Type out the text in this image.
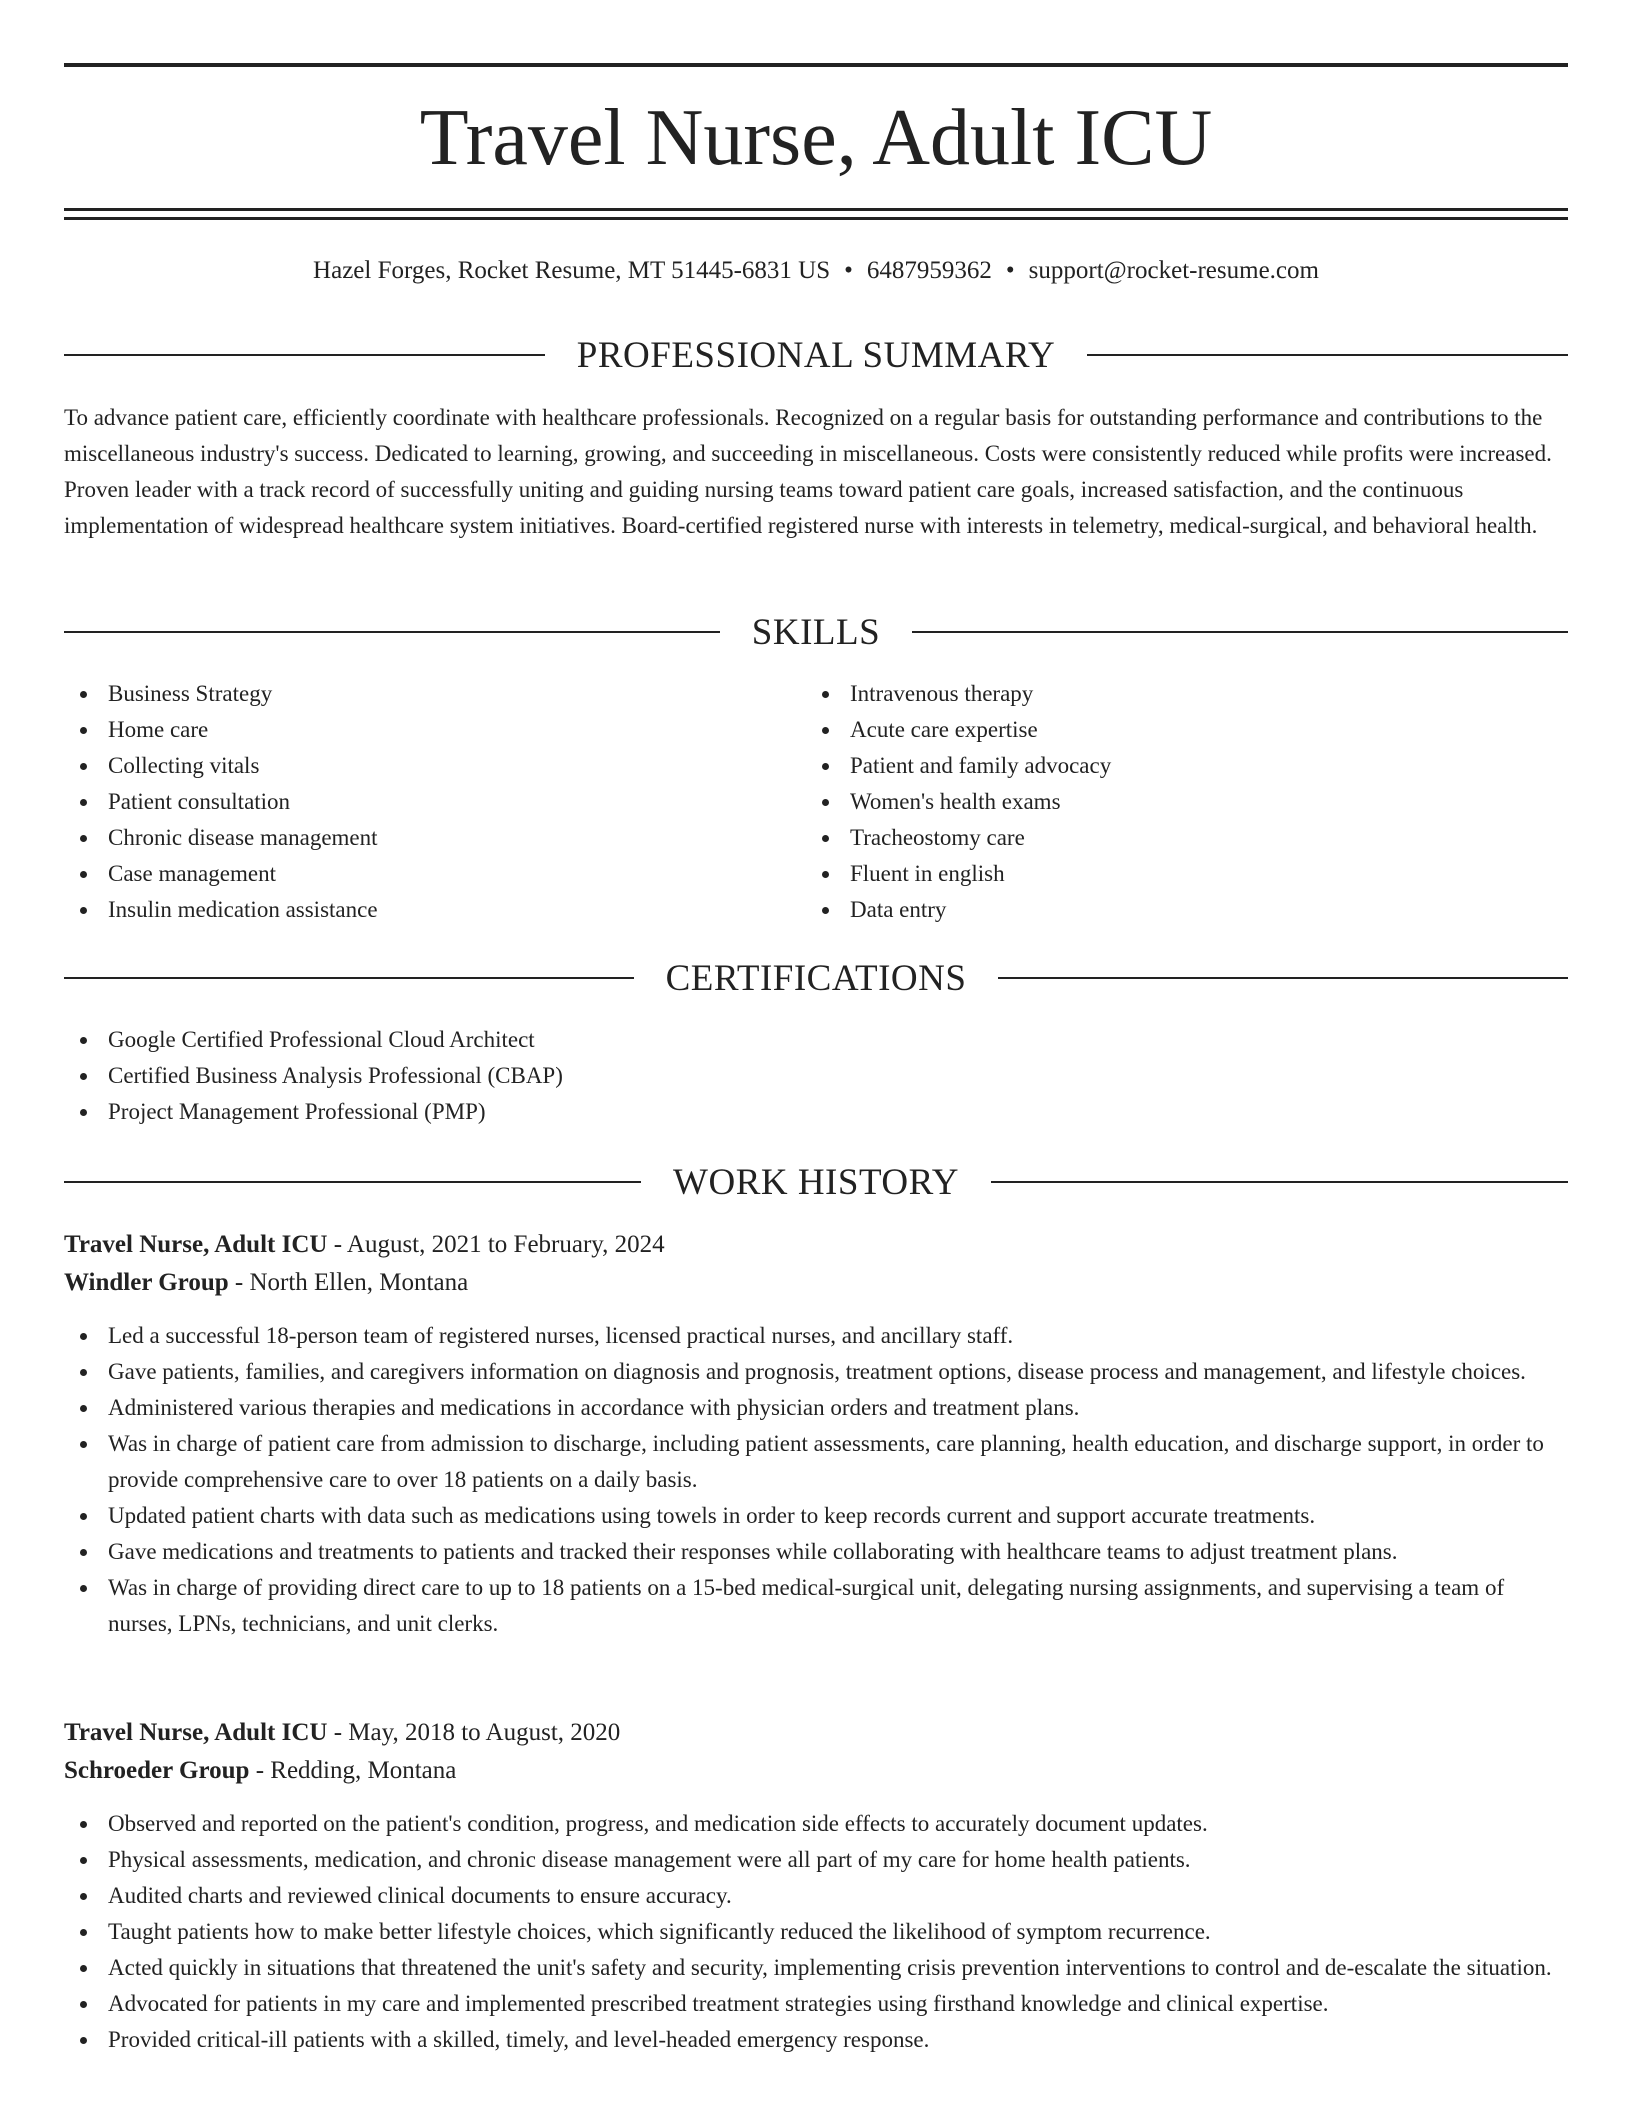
Travel Nurse, Adult ICU
Hazel Forges, Rocket Resume, MT 51445-6831 US • 6487959362 • support@rocket-resume.com
PROFESSIONAL SUMMARY

To advance patient care, efficiently coordinate with healthcare professionals. Recognized on a regular basis for outstanding performance and contributions to the miscellaneous industry's success. Dedicated to learning, growing, and succeeding in miscellaneous. Costs were consistently reduced while profits were increased. Proven leader with a track record of successfully uniting and guiding nursing teams toward patient care goals, increased satisfaction, and the continuous implementation of widespread healthcare system initiatives. Board-certified registered nurse with interests in telemetry, medical-surgical, and behavioral health.

SKILLS
Business Strategy
Home care
Collecting vitals
Patient consultation
Chronic disease management
Case management
Insulin medication assistance
Intravenous therapy
Acute care expertise
Patient and family advocacy
Women's health exams
Tracheostomy care
Fluent in english
Data entry
CERTIFICATIONS
Google Certified Professional Cloud Architect
Certified Business Analysis Professional (CBAP)
Project Management Professional (PMP)
WORK HISTORY
Travel Nurse, Adult ICU - August, 2021 to February, 2024
Windler Group - North Ellen, Montana
Led a successful 18-person team of registered nurses, licensed practical nurses, and ancillary staff.
Gave patients, families, and caregivers information on diagnosis and prognosis, treatment options, disease process and management, and lifestyle choices.
Administered various therapies and medications in accordance with physician orders and treatment plans.
Was in charge of patient care from admission to discharge, including patient assessments, care planning, health education, and discharge support, in order to provide comprehensive care to over 18 patients on a daily basis.
Updated patient charts with data such as medications using towels in order to keep records current and support accurate treatments.
Gave medications and treatments to patients and tracked their responses while collaborating with healthcare teams to adjust treatment plans.
Was in charge of providing direct care to up to 18 patients on a 15-bed medical-surgical unit, delegating nursing assignments, and supervising a team of nurses, LPNs, technicians, and unit clerks.
Travel Nurse, Adult ICU - May, 2018 to August, 2020
Schroeder Group - Redding, Montana
Observed and reported on the patient's condition, progress, and medication side effects to accurately document updates.
Physical assessments, medication, and chronic disease management were all part of my care for home health patients.
Audited charts and reviewed clinical documents to ensure accuracy.
Taught patients how to make better lifestyle choices, which significantly reduced the likelihood of symptom recurrence.
Acted quickly in situations that threatened the unit's safety and security, implementing crisis prevention interventions to control and de-escalate the situation.
Advocated for patients in my care and implemented prescribed treatment strategies using firsthand knowledge and clinical expertise.
Provided critical-ill patients with a skilled, timely, and level-headed emergency response.
